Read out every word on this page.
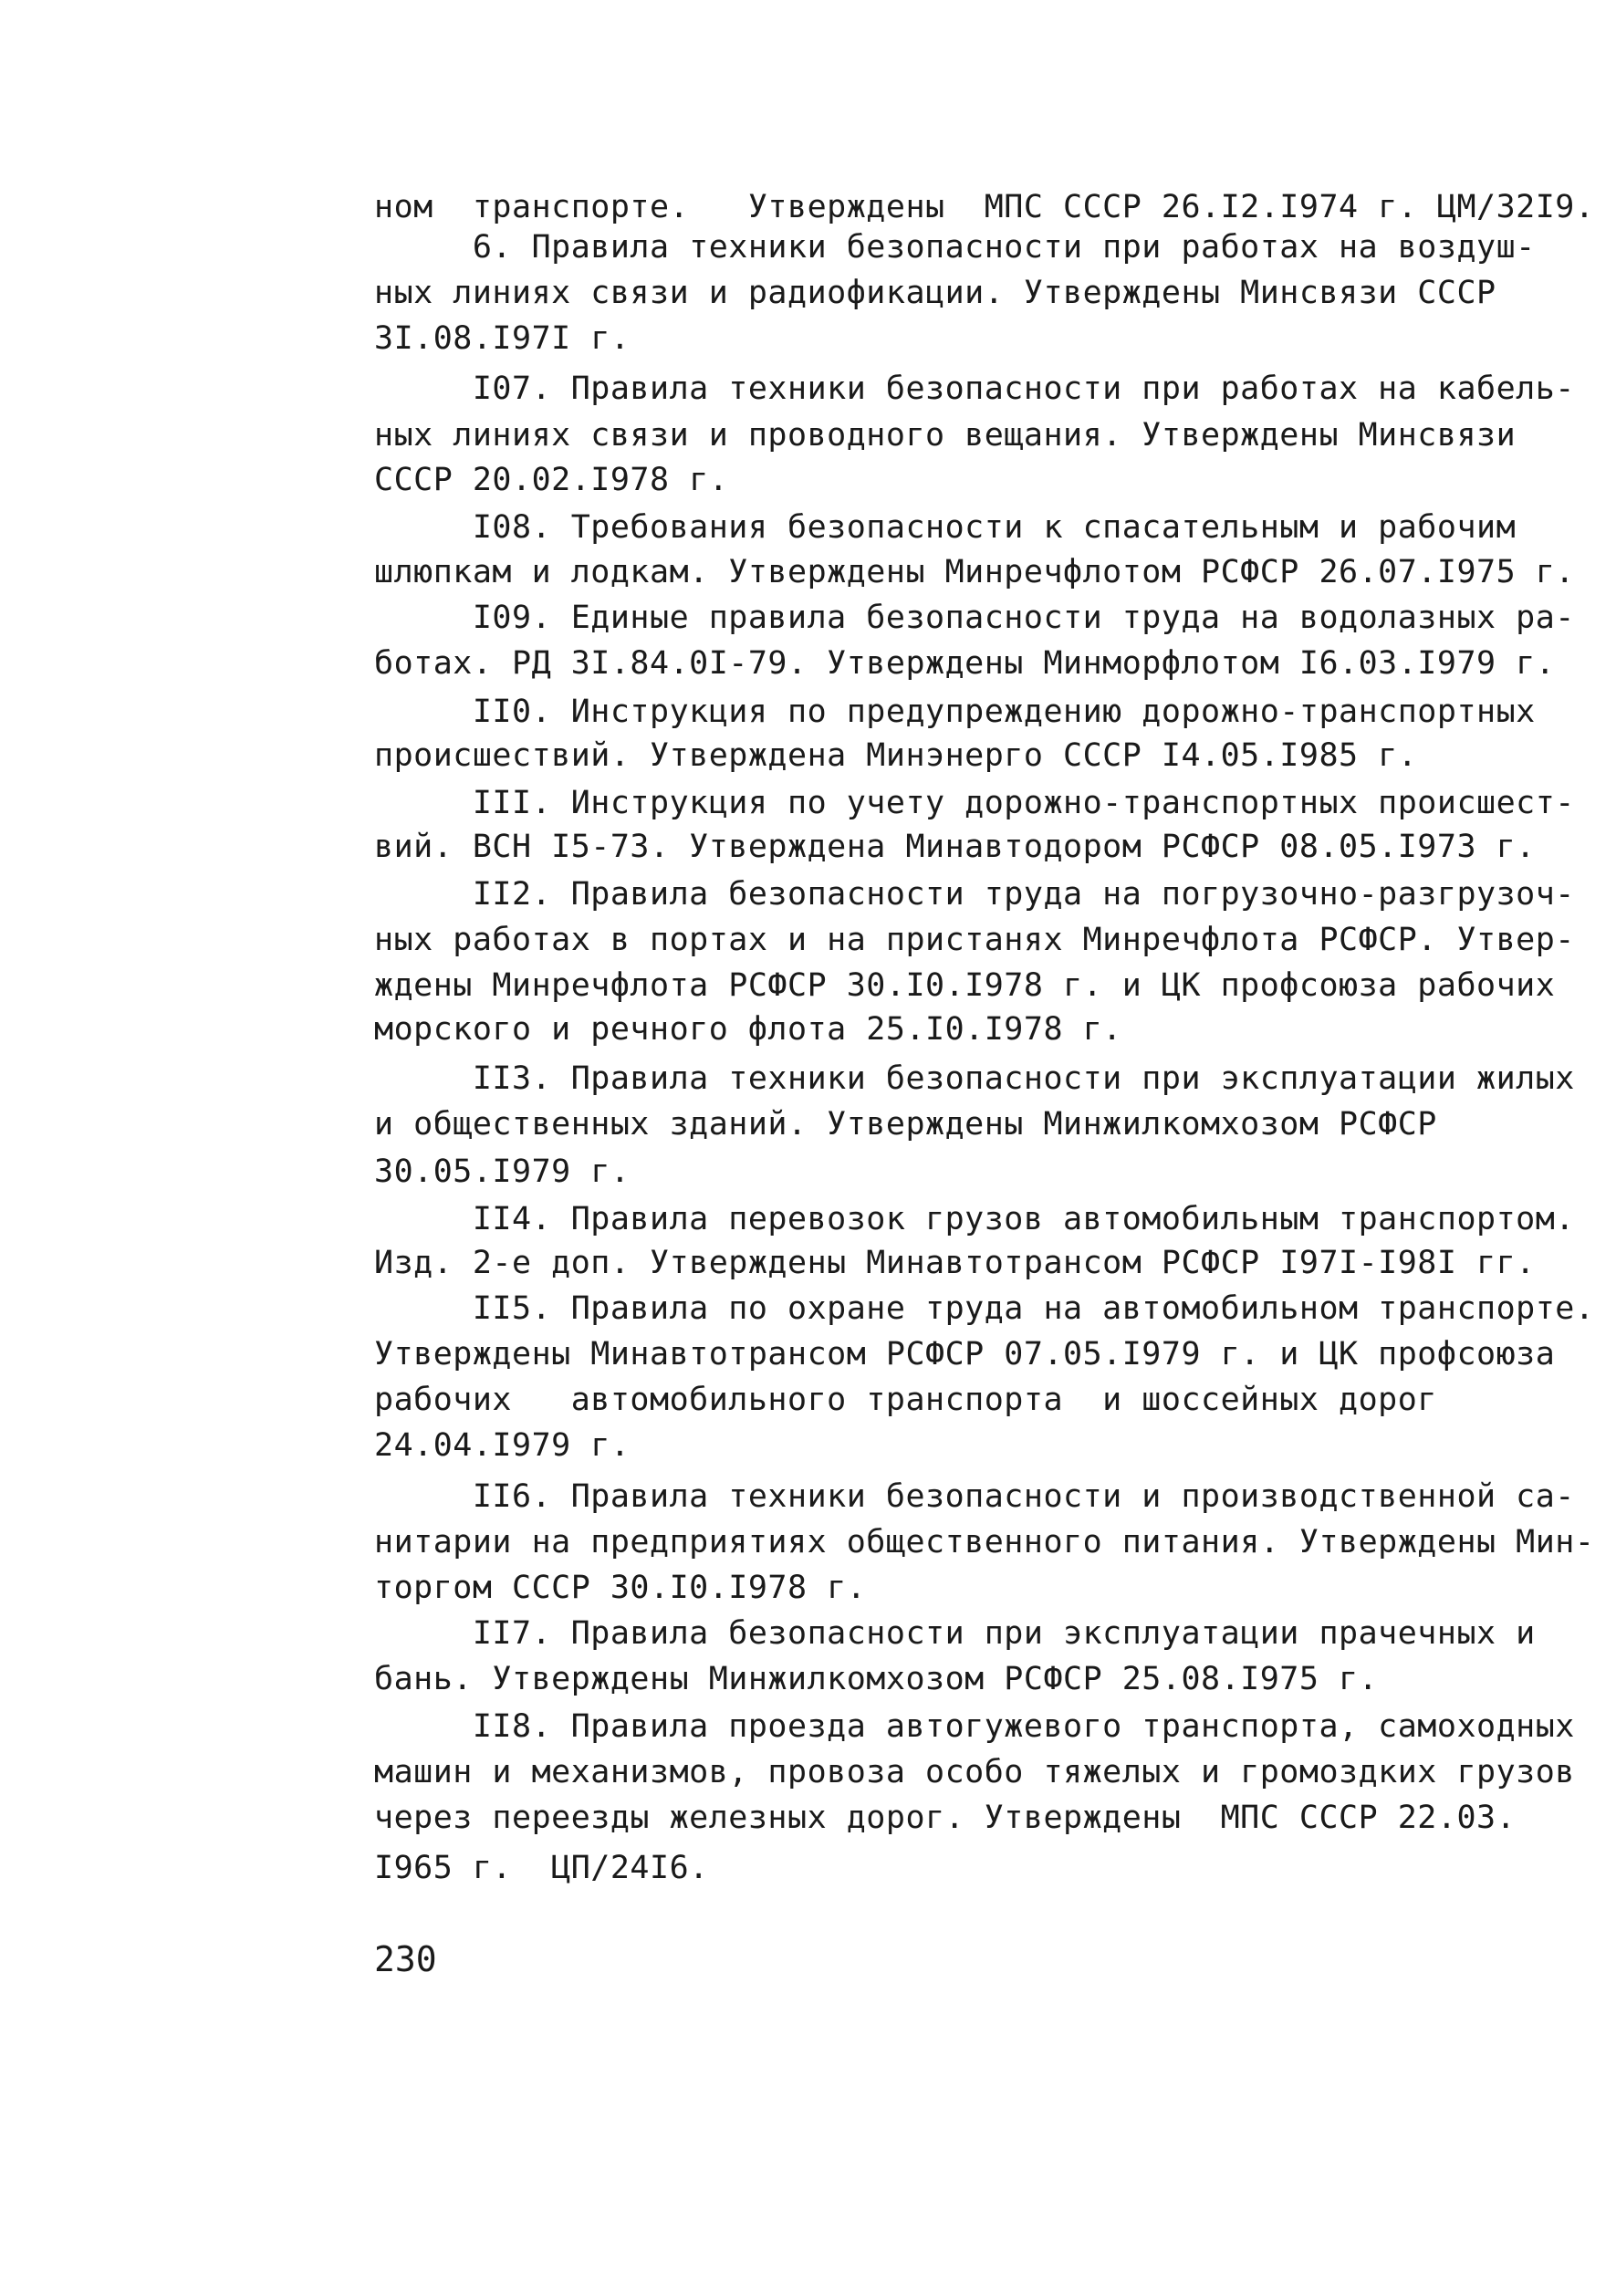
ном  транспорте.   Утверждены  МПС СССР 26.I2.I974 г. ЦМ/32I9.
6. Правила техники безопасности при работах на воздуш-
ных линиях связи и радиофикации. Утверждены Минсвязи СССР
3I.08.I97I г.
I07. Правила техники безопасности при работах на кабель-
ных линиях связи и проводного вещания. Утверждены Минсвязи
СССР 20.02.I978 г.
I08. Требования безопасности к спасательным и рабочим
шлюпкам и лодкам. Утверждены Минречфлотом РСФСР 26.07.I975 г.
I09. Единые правила безопасности труда на водолазных ра-
ботах. РД 3I.84.0I-79. Утверждены Минморфлотом I6.03.I979 г.
II0. Инструкция по предупреждению дорожно-транспортных
происшествий. Утверждена Минэнерго СССР I4.05.I985 г.
III. Инструкция по учету дорожно-транспортных происшест-
вий. ВСН I5-73. Утверждена Минавтодором РСФСР 08.05.I973 г.
II2. Правила безопасности труда на погрузочно-разгрузоч-
ных работах в портах и на пристанях Минречфлота РСФСР. Утвер-
ждены Минречфлота РСФСР 30.I0.I978 г. и ЦК профсоюза рабочих
морского и речного флота 25.I0.I978 г.
II3. Правила техники безопасности при эксплуатации жилых
и общественных зданий. Утверждены Минжилкомхозом РСФСР
30.05.I979 г.
II4. Правила перевозок грузов автомобильным транспортом.
Изд. 2-е доп. Утверждены Минавтотрансом РСФСР I97I-I98I гг.
II5. Правила по охране труда на автомобильном транспорте.
Утверждены Минавтотрансом РСФСР 07.05.I979 г. и ЦК профсоюза
рабочих   автомобильного транспорта  и шоссейных дорог
24.04.I979 г.
II6. Правила техники безопасности и производственной са-
нитарии на предприятиях общественного питания. Утверждены Мин-
торгом СССР 30.I0.I978 г.
II7. Правила безопасности при эксплуатации прачечных и
бань. Утверждены Минжилкомхозом РСФСР 25.08.I975 г.
II8. Правила проезда автогужевого транспорта, самоходных
машин и механизмов, провоза особо тяжелых и громоздких грузов
через переезды железных дорог. Утверждены  МПС СССР 22.03.
I965 г.  ЦП/24I6.
230
